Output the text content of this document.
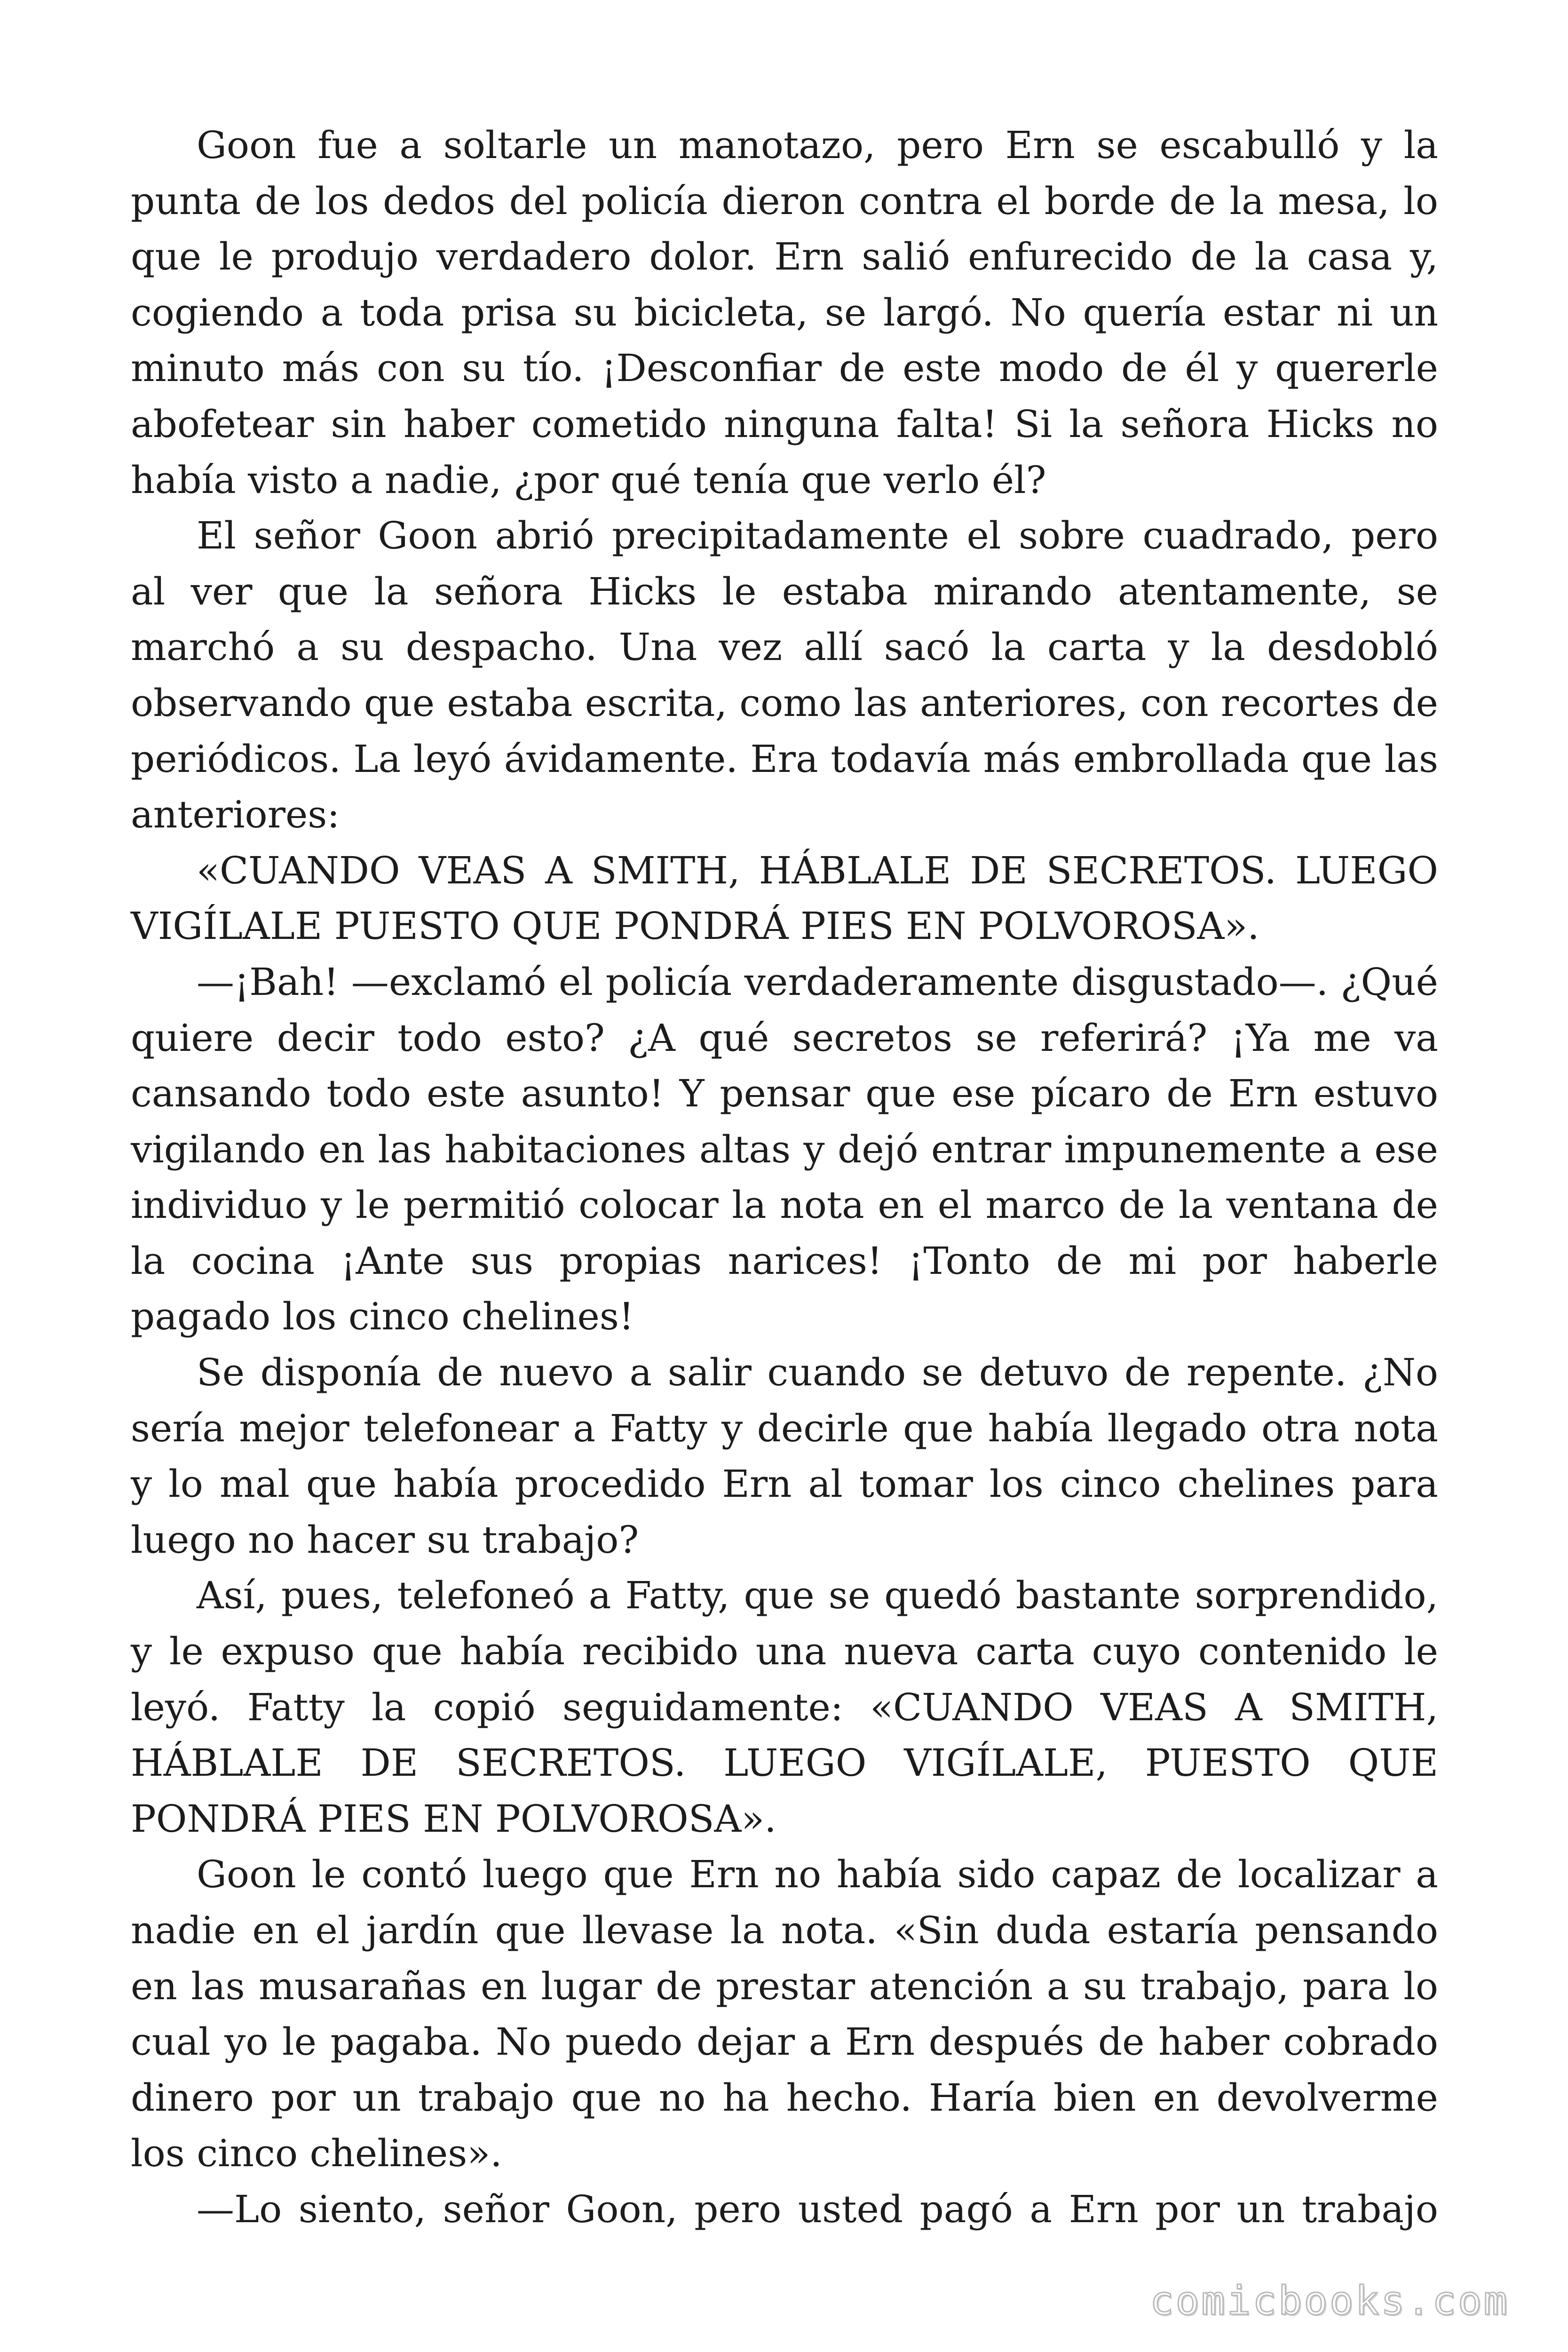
Goon fue a soltarle un manotazo, pero Ern se escabulló y la punta de los dedos del policía dieron contra el borde de la mesa, lo que le produjo verdadero dolor. Ern salió enfurecido de la casa y, cogiendo a toda prisa su bicicleta, se largó. No quería estar ni un minuto más con su tío. ¡Desconfiar de este modo de él y quererle abofetear sin haber cometido ninguna falta! Si la señora Hicks no había visto a nadie, ¿por qué tenía que verlo él?

El señor Goon abrió precipitadamente el sobre cuadrado, pero al ver que la señora Hicks le estaba mirando atentamente, se marchó a su despacho. Una vez allí sacó la carta y la desdobló observando que estaba escrita, como las anteriores, con recortes de periódicos. La leyó ávidamente. Era todavía más embrollada que las anteriores:

«CUANDO VEAS A SMITH, HÁBLALE DE SECRETOS. LUEGO VIGÍLALE PUESTO QUE PONDRÁ PIES EN POLVOROSA».

—¡Bah! —exclamó el policía verdaderamente disgustado—. ¿Qué quiere decir todo esto? ¿A qué secretos se referirá? ¡Ya me va cansando todo este asunto! Y pensar que ese pícaro de Ern estuvo vigilando en las habitaciones altas y dejó entrar impunemente a ese individuo y le permitió colocar la nota en el marco de la ventana de la cocina ¡Ante sus propias narices! ¡Tonto de mi por haberle pagado los cinco chelines!

Se disponía de nuevo a salir cuando se detuvo de repente. ¿No sería mejor telefonear a Fatty y decirle que había llegado otra nota y lo mal que había procedido Ern al tomar los cinco chelines para luego no hacer su trabajo?

Así, pues, telefoneó a Fatty, que se quedó bastante sorprendido, y le expuso que había recibido una nueva carta cuyo contenido le leyó. Fatty la copió seguidamente: «CUANDO VEAS A SMITH, HÁBLALE DE SECRETOS. LUEGO VIGÍLALE, PUESTO QUE PONDRÁ PIES EN POLVOROSA».

Goon le contó luego que Ern no había sido capaz de localizar a nadie en el jardín que llevase la nota. «Sin duda estaría pensando en las musarañas en lugar de prestar atención a su trabajo, para lo cual yo le pagaba. No puedo dejar a Ern después de haber cobrado dinero por un trabajo que no ha hecho. Haría bien en devolverme los cinco chelines».

—Lo siento, señor Goon, pero usted pagó a Ern por un trabajo

comicbooks.com
